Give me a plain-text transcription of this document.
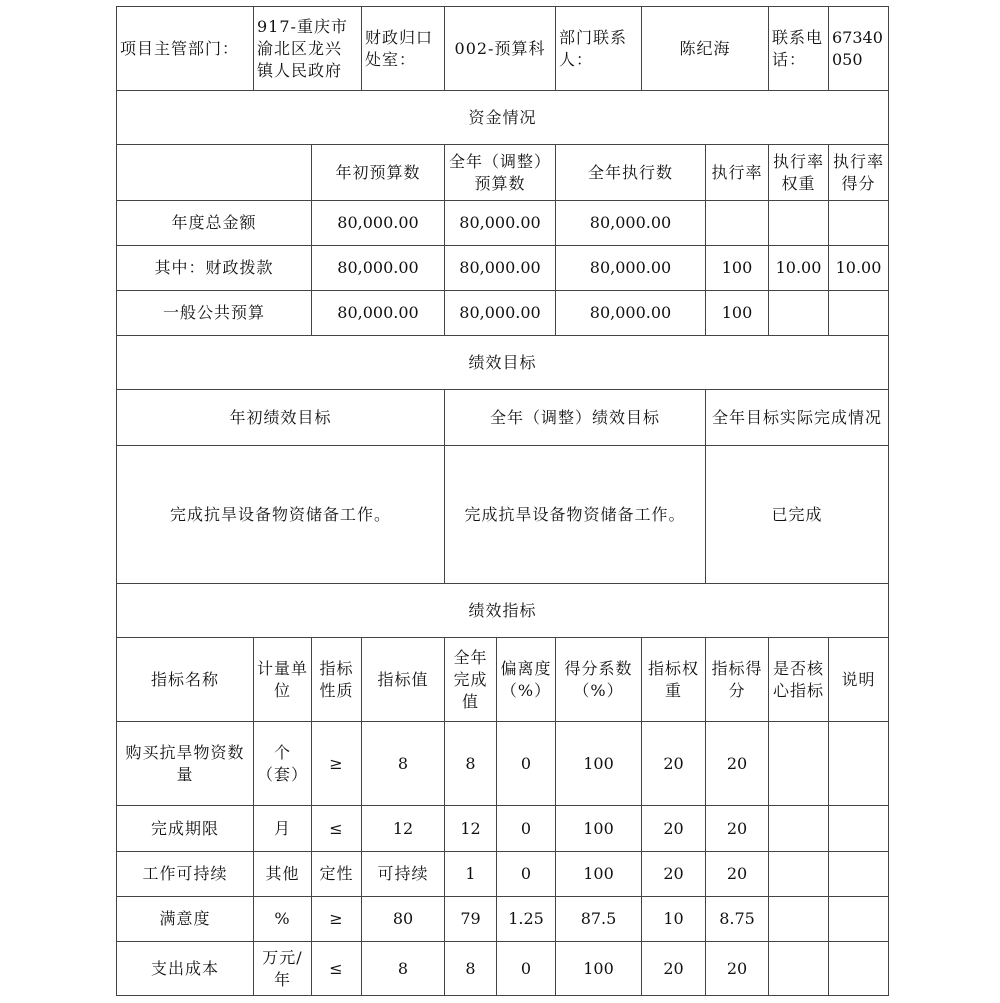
项目主管部门：	917-重庆市渝北区龙兴镇人民政府		财政归口处室：	002-预算科		部门联系人：	陈纪海		联系电话：	67340050
资金情况										
		年初预算数		全年（调整）预算数		全年执行数		执行率	执行率权重	执行率得分
年度总金额		80,000.00		80,000.00		80,000.00				
其中：财政拨款		80,000.00		80,000.00		80,000.00		100	10.00	10.00
一般公共预算		80,000.00		80,000.00		80,000.00		100		
绩效目标										
年初绩效目标				全年（调整）绩效目标				全年目标实际完成情况		
完成抗旱设备物资储备工作。				完成抗旱设备物资储备工作。				已完成		
绩效指标										
指标名称	计量单位	指标性质	指标值	全年完成值	偏离度（%）	得分系数（%）	指标权重	指标得分	是否核心指标	说明
购买抗旱物资数量	个（套）	≥	8	8	0	100	20	20		
完成期限	月	≤	12	12	0	100	20	20		
工作可持续	其他	定性	可持续	1	0	100	20	20		
满意度	%	≥	80	79	1.25	87.5	10	8.75		
支出成本	万元/年	≤	8	8	0	100	20	20		
